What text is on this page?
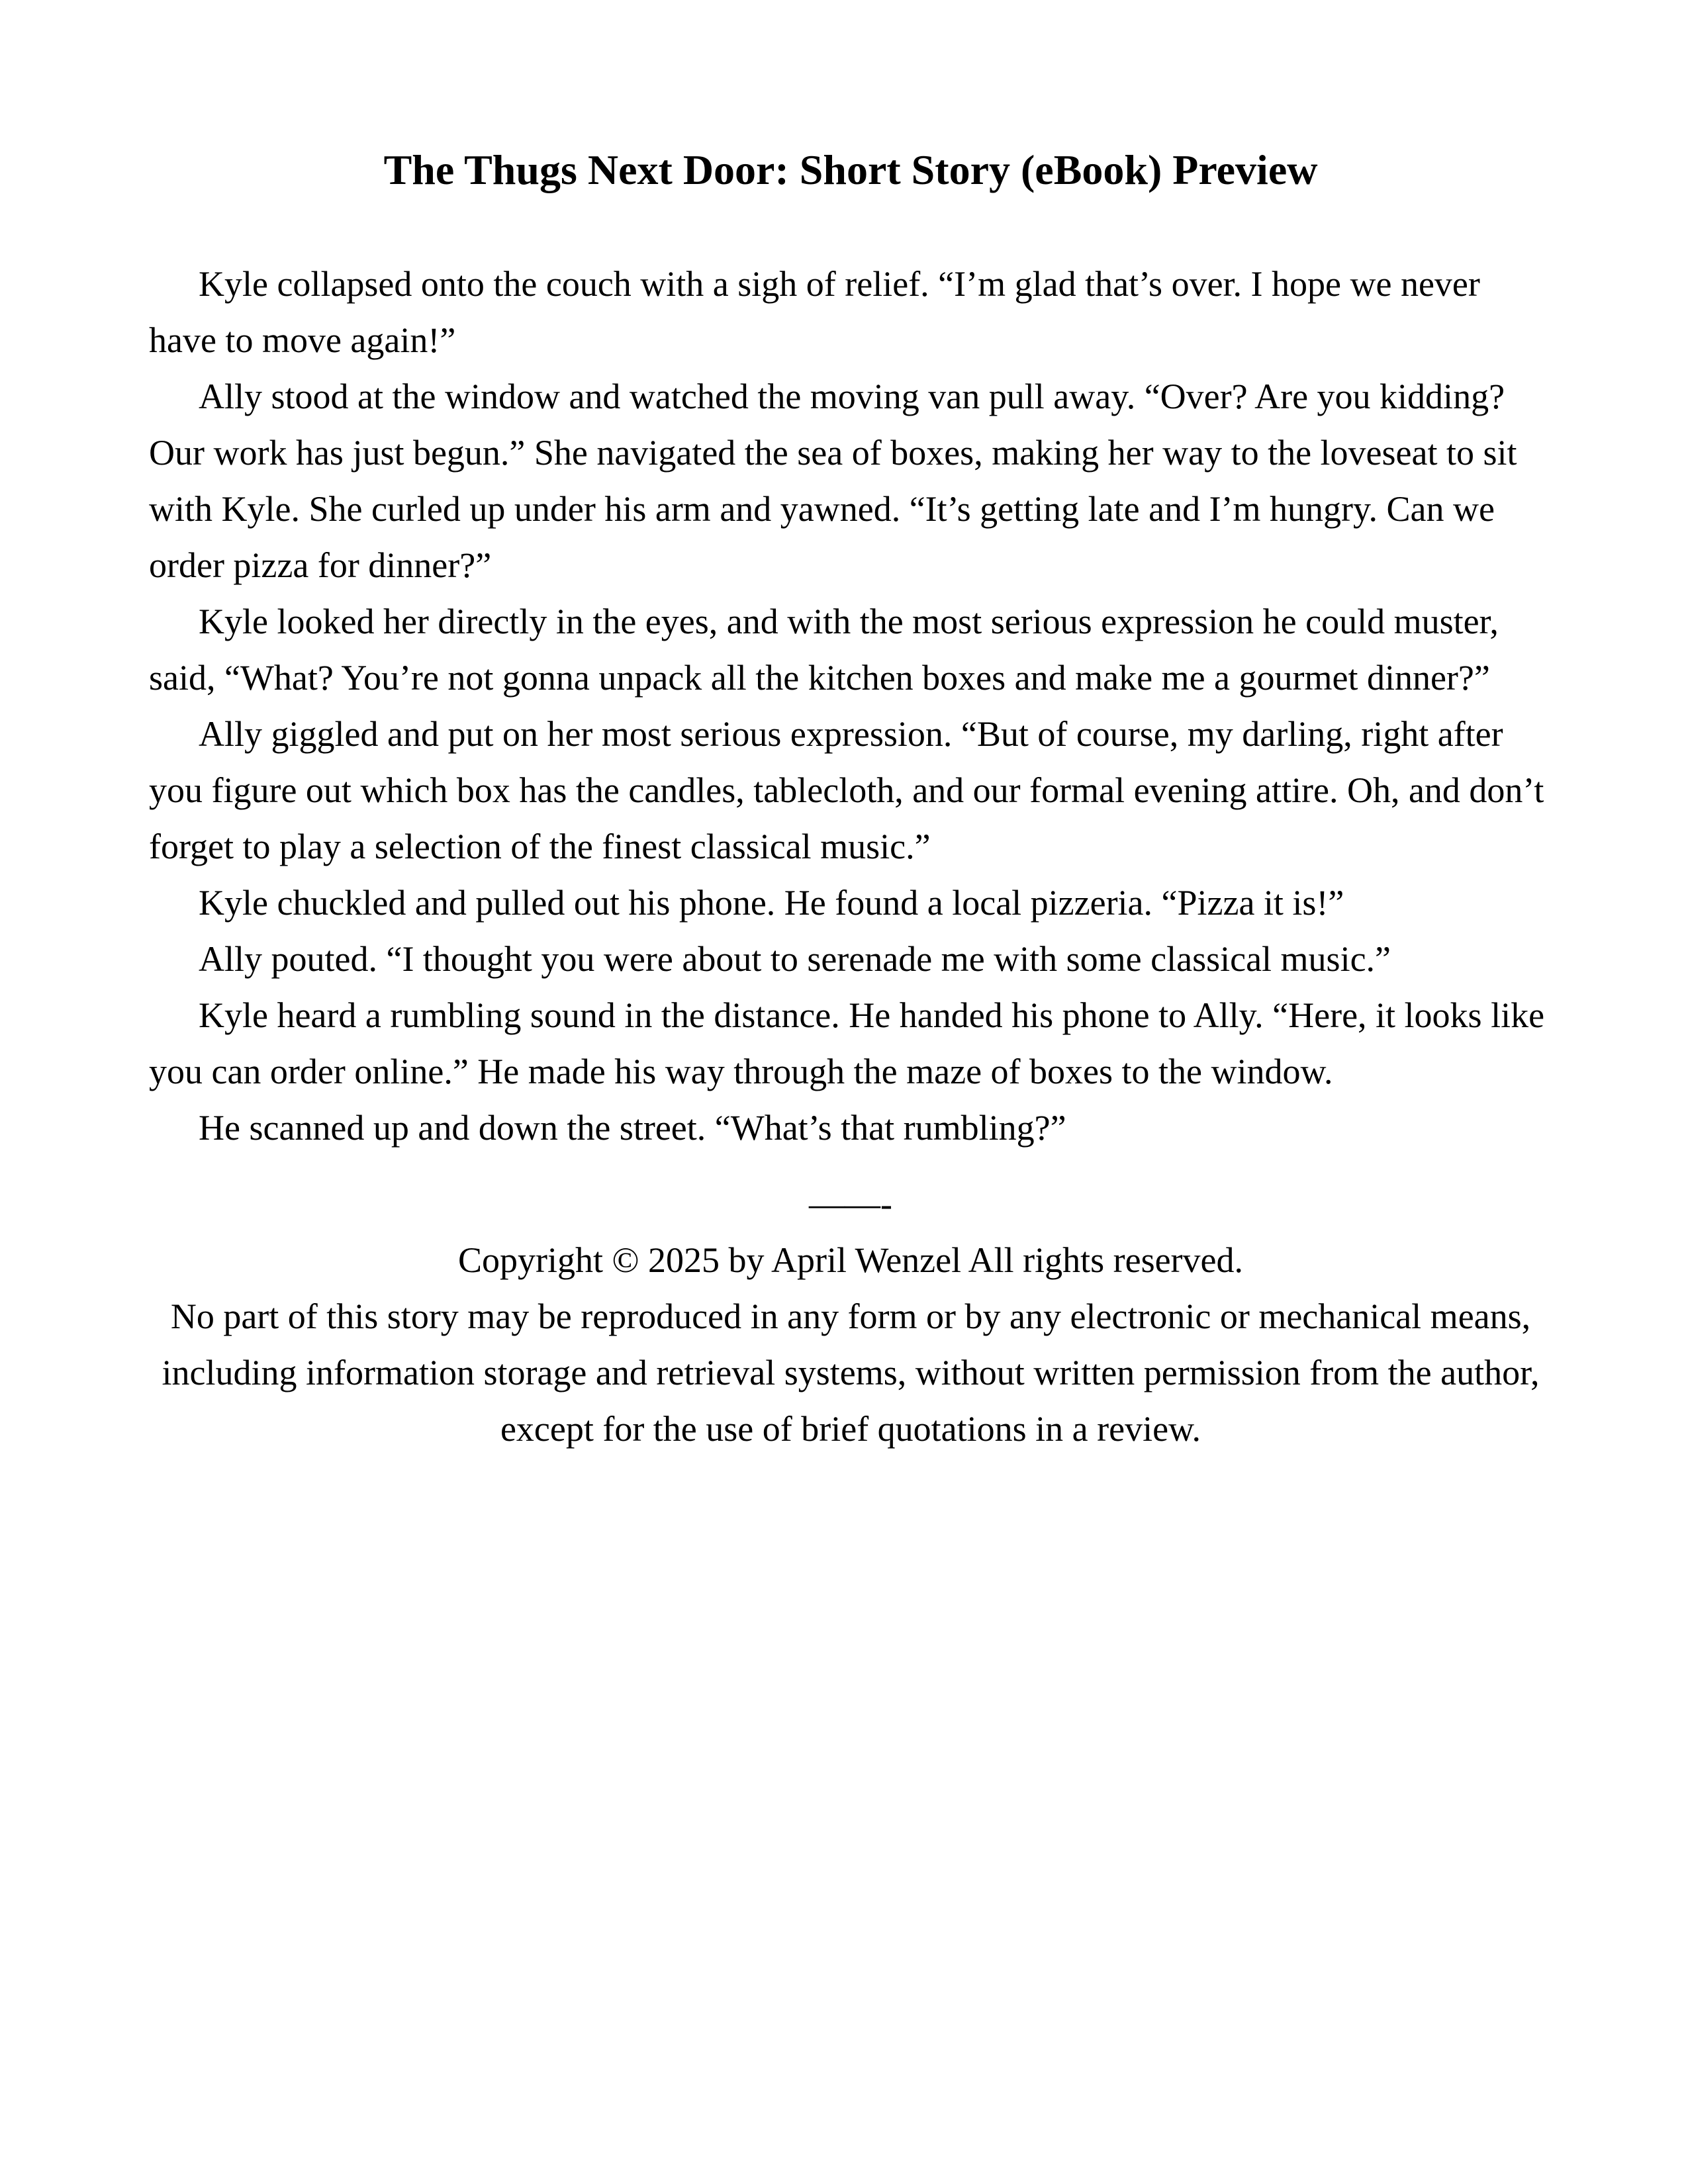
The Thugs Next Door: Short Story (eBook) Preview

Kyle collapsed onto the couch with a sigh of relief. “I’m glad that’s over. I hope we never have to move again!”

Ally stood at the window and watched the moving van pull away. “Over? Are you kidding? Our work has just begun.” She navigated the sea of boxes, making her way to the loveseat to sit with Kyle. She curled up under his arm and yawned. “It’s getting late and I’m hungry. Can we order pizza for dinner?”

Kyle looked her directly in the eyes, and with the most serious expression he could muster, said, “What? You’re not gonna unpack all the kitchen boxes and make me a gourmet dinner?”

Ally giggled and put on her most serious expression. “But of course, my darling, right after you figure out which box has the candles, tablecloth, and our formal evening attire. Oh, and don’t forget to play a selection of the finest classical music.”

Kyle chuckled and pulled out his phone. He found a local pizzeria. “Pizza it is!”

Ally pouted. “I thought you were about to serenade me with some classical music.”

Kyle heard a rumbling sound in the distance. He handed his phone to Ally. “Here, it looks like you can order online.” He made his way through the maze of boxes to the window.

He scanned up and down the street. “What’s that rumbling?”

——-

Copyright © 2025 by April Wenzel All rights reserved.

No part of this story may be reproduced in any form or by any electronic or mechanical means, including information storage and retrieval systems, without written permission from the author, except for the use of brief quotations in a review.
